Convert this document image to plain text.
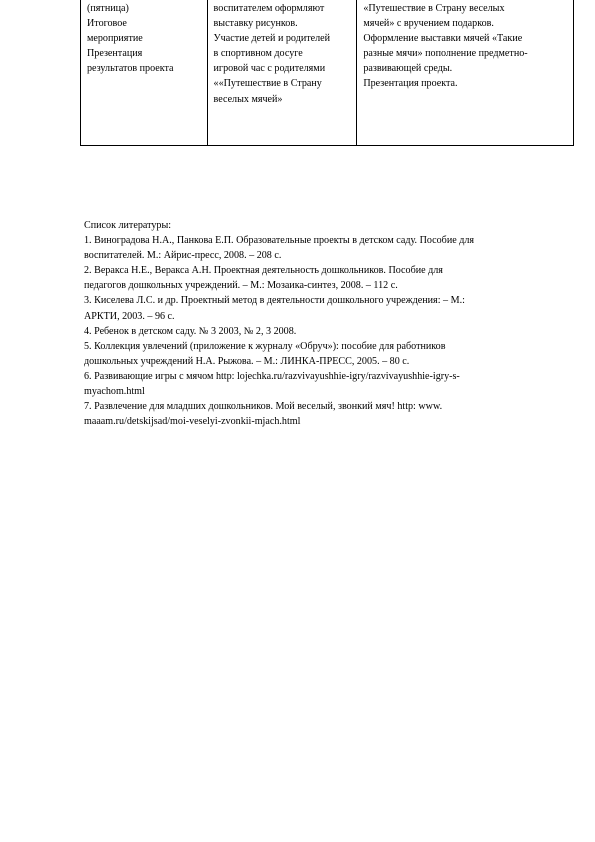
(пятница)
Итоговое
мероприятие
Презентация
результатов проекта

воспитателем оформляют
выставку рисунков.
Участие детей и родителей
в спортивном досуге
игровой час с родителями
««Путешествие в Страну
веселых мячей»

«Путешествие в Страну веселых
мячей» с вручением подарков.
Оформление выставки мячей «Такие
разные мячи» пополнение предметно-
развивающей среды.
Презентация проекта.
Список литературы:
1. Виноградова Н.А., Панкова Е.П. Образовательные проекты в детском саду. Пособие для
воспитателей. М.: Айрис-пресс, 2008. – 208 с.
2. Веракса Н.Е., Веракса А.Н. Проектная деятельность дошкольников. Пособие для
педагогов дошкольных учреждений. – М.: Мозаика-синтез, 2008. – 112 с.
3. Киселева Л.С. и др. Проектный метод в деятельности дошкольного учреждения: – М.:
АРКТИ, 2003. – 96 с.
4. Ребенок в детском саду. № 3 2003, № 2, 3 2008.
5. Коллекция увлечений (приложение к журналу «Обруч»): пособие для работников
дошкольных учреждений Н.А. Рыжова. – М.: ЛИНКА-ПРЕСС, 2005. – 80 с.
6. Развивающие игры с мячом http: lojechka.ru/razvivayushhie-igry/razvivayushhie-igry-s-
myachom.html
7. Развлечение для младших дошкольников. Мой веселый, звонкий мяч! http: www.
maaam.ru/detskijsad/moi-veselyi-zvonkii-mjach.html
